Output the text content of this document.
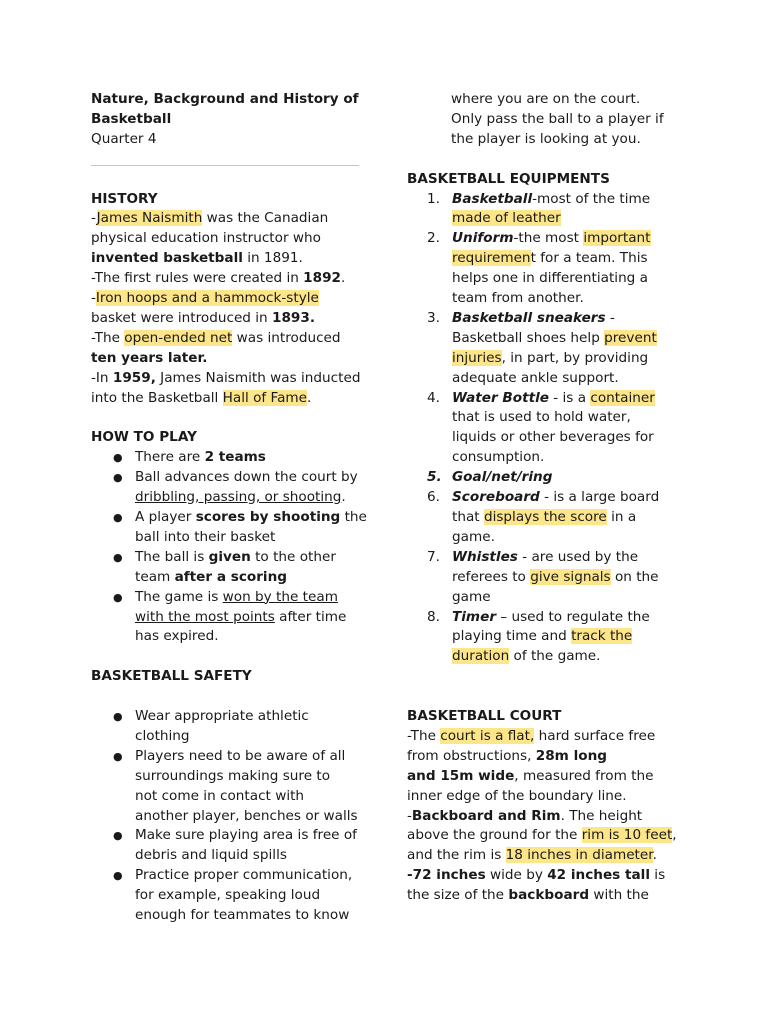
Nature, Background and History of
Basketball
Quarter 4
HISTORY
-James Naismith was the Canadian
physical education instructor who
invented basketball in 1891.
-The first rules were created in 1892.
-Iron hoops and a hammock-style
basket were introduced in 1893.
-The open-ended net was introduced
ten years later.
-In 1959, James Naismith was inducted
into the Basketball Hall of Fame.
HOW TO PLAY
● There are 2 teams
● Ball advances down the court by
dribbling, passing, or shooting.
● A player scores by shooting the
ball into their basket
● The ball is given to the other
team after a scoring
● The game is won by the team
with the most points after time
has expired.
BASKETBALL SAFETY
● Wear appropriate athletic
clothing
● Players need to be aware of all
surroundings making sure to
not come in contact with
another player, benches or walls
● Make sure playing area is free of
debris and liquid spills
● Practice proper communication,
for example, speaking loud
enough for teammates to know
where you are on the court.
Only pass the ball to a player if
the player is looking at you.
BASKETBALL EQUIPMENTS
1. Basketball-most of the time
made of leather
2. Uniform-the most important
requirement for a team. This
helps one in differentiating a
team from another.
3. Basketball sneakers -
Basketball shoes help prevent
injuries, in part, by providing
adequate ankle support.
4. Water Bottle - is a container
that is used to hold water,
liquids or other beverages for
consumption.
5. Goal/net/ring
6. Scoreboard - is a large board
that displays the score in a
game.
7. Whistles - are used by the
referees to give signals on the
game
8. Timer – used to regulate the
playing time and track the
duration of the game.
BASKETBALL COURT
-The court is a flat, hard surface free
from obstructions, 28m long
and 15m wide, measured from the
inner edge of the boundary line.
-Backboard and Rim. The height
above the ground for the rim is 10 feet,
and the rim is 18 inches in diameter.
-72 inches wide by 42 inches tall is
the size of the backboard with the
